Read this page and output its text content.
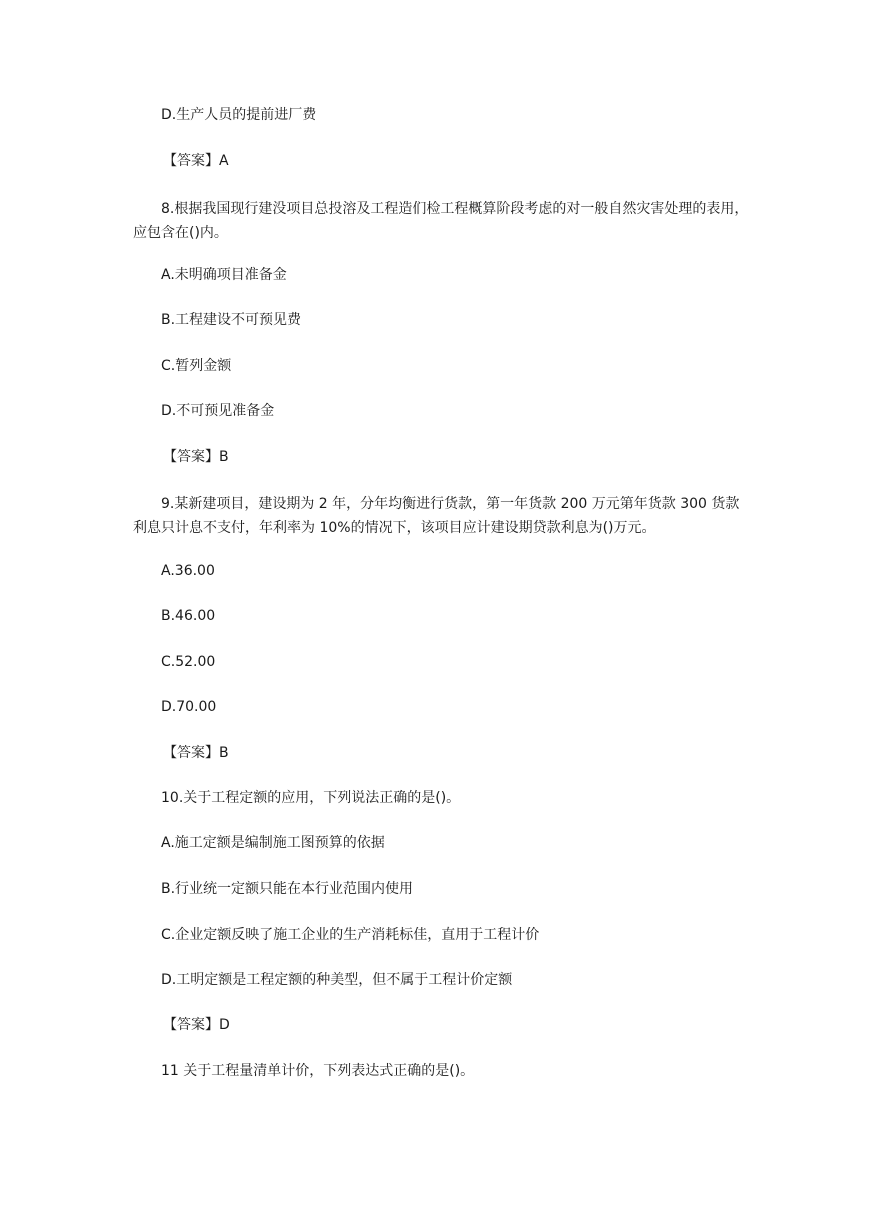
D.生产人员的提前进厂费

【答案】A

8.根据我国现行建没项目总投溶及工程造们检工程概算阶段考虑的对一般自然灾害处理的表用，应包含在()内。

A.未明确项目准备金

B.工程建设不可预见费

C.暂列金额

D.不可预见准备金

【答案】B

9.某新建项目，建设期为 2 年，分年均衡进行货款，第一年货款 200 万元第年货款 300 货款利息只计息不支付，年利率为 10%的情况下，该项目应计建设期贷款利息为()万元。

A.36.00

B.46.00

C.52.00

D.70.00

【答案】B

10.关于工程定额的应用，下列说法正确的是()。

A.施工定额是编制施工图预算的依据

B.行业统一定额只能在本行业范围内使用

C.企业定额反映了施工企业的生产消耗标佳，直用于工程计价

D.工明定额是工程定额的种美型，但不属于工程计价定额

【答案】D

11 关于工程量清单计价，下列表达式正确的是()。
